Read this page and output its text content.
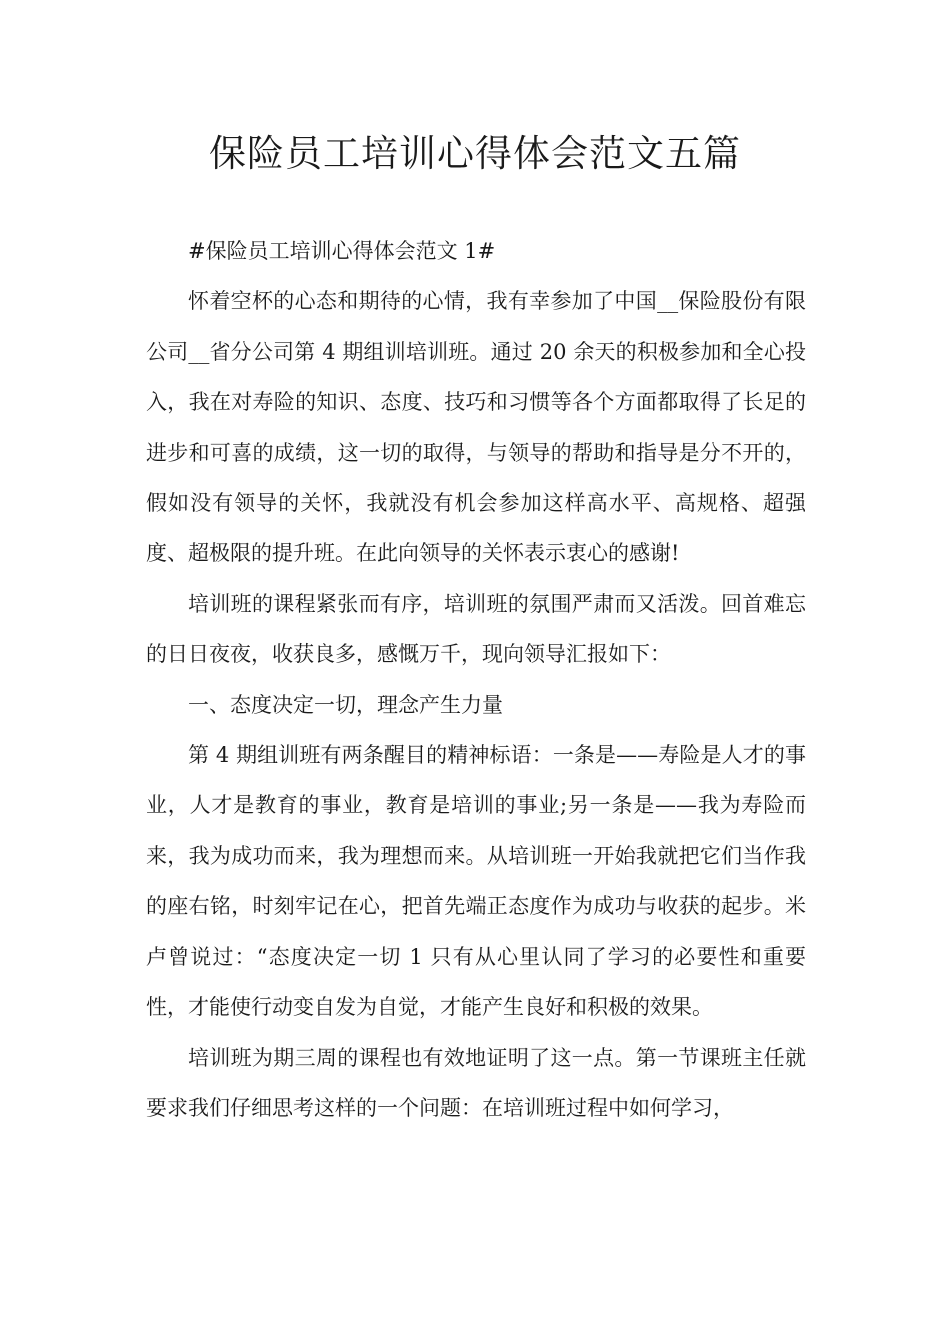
保险员工培训心得体会范文五篇

#保险员工培训心得体会范文 1#

怀着空杯的心态和期待的心情，我有幸参加了中国__保险股份有限公司__省分公司第 4 期组训培训班。通过 20 余天的积极参加和全心投入，我在对寿险的知识、态度、技巧和习惯等各个方面都取得了长足的进步和可喜的成绩，这一切的取得，与领导的帮助和指导是分不开的，假如没有领导的关怀，我就没有机会参加这样高水平、高规格、超强度、超极限的提升班。在此向领导的关怀表示衷心的感谢!

培训班的课程紧张而有序，培训班的氛围严肃而又活泼。回首难忘的日日夜夜，收获良多，感慨万千，现向领导汇报如下：

一、态度决定一切，理念产生力量

第 4 期组训班有两条醒目的精神标语：一条是——寿险是人才的事业，人才是教育的事业，教育是培训的事业;另一条是——我为寿险而来，我为成功而来，我为理想而来。从培训班一开始我就把它们当作我的座右铭，时刻牢记在心，把首先端正态度作为成功与收获的起步。米卢曾说过：“态度决定一切 1 只有从心里认同了学习的必要性和重要性，才能使行动变自发为自觉，才能产生良好和积极的效果。

培训班为期三周的课程也有效地证明了这一点。第一节课班主任就要求我们仔细思考这样的一个问题：在培训班过程中如何学习，
